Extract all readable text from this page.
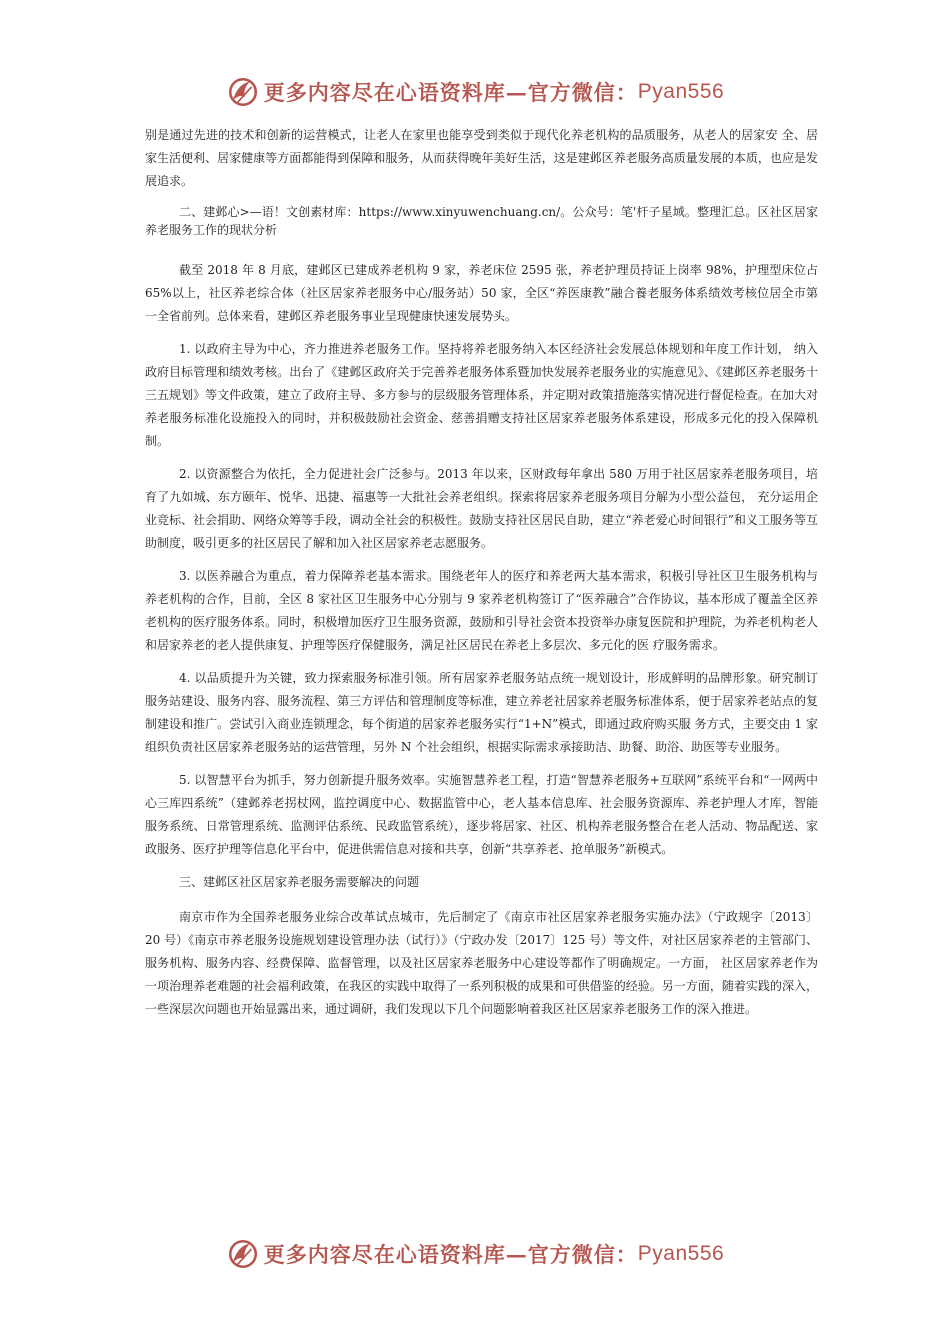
更多内容尽在心语资料库—官方微信： Pyan556

别是通过先进的技术和创新的运营模式，让老人在家里也能享受到类似于现代化养老机构的品质服务，从老人的居家安 全、居家生活便利、居家健康等方面都能得到保障和服务，从而获得晚年美好生活，这是建邺区养老服务高质量发展的本质，也应是发展追求。

二、建邺心>—语！文创素材库：https://www.xinyuwenchuang.cn/。公众号：笔'杆子星域。整理汇总。区社区居家养老服务工作的现状分析

截至 2018 年 8 月底，建邺区已建成养老机构 9 家，养老床位 2595 张，养老护理员持证上岗率 98%，护理型床位占 65%以上，社区养老综合体（社区居家养老服务中心/服务站）50 家，全区“养医康教”融合養老服务体系绩效考核位居全市第一全省前列。总体来看，建邺区养老服务事业呈现健康快速发展势头。

1. 以政府主导为中心，齐力推进养老服务工作。坚持将养老服务纳入本区经济社会发展总体规划和年度工作计划， 纳入政府目标管理和绩效考核。出台了《建邺区政府关于完善养老服务体系暨加快发展养老服务业的实施意见》、《建邺区养老服务十三五规划》等文件政策，建立了政府主导、多方参与的层级服务管理体系，并定期对政策措施落实情况进行督促检查。在加大对养老服务标准化设施投入的同时，并积极鼓励社会资金、慈善捐赠支持社区居家养老服务体系建设，形成多元化的投入保障机制。

2. 以资源整合为依托，全力促进社会广泛参与。2013 年以来，区财政每年拿出 580 万用于社区居家养老服务项目，培育了九如城、东方颐年、悦华、迅捷、福惠等一大批社会养老组织。探索将居家养老服务项目分解为小型公益包， 充分运用企业竞标、社会捐助、网络众筹等手段，调动全社会的积极性。鼓励支持社区居民自助，建立“养老爱心时间银行”和义工服务等互助制度，吸引更多的社区居民了解和加入社区居家养老志愿服务。

3. 以医养融合为重点，着力保障养老基本需求。围绕老年人的医疗和养老两大基本需求，积极引导社区卫生服务机构与养老机构的合作，目前，全区 8 家社区卫生服务中心分别与 9 家养老机构签订了“医养融合”合作协议，基本形成了覆盖全区养老机构的医疗服务体系。同时，积极增加医疗卫生服务资源，鼓励和引导社会资本投资举办康复医院和护理院，为养老机构老人和居家养老的老人提供康复、护理等医疗保健服务，满足社区居民在养老上多层次、多元化的医 疗服务需求。

4. 以品质提升为关键，致力探索服务标准引领。所有居家养老服务站点统一规划设计，形成鲜明的品牌形象。研究制订服务站建设、服务内容、服务流程、第三方评估和管理制度等标准，建立养老社居家养老服务标准体系，便于居家养老站点的复制建设和推广。尝试引入商业连锁理念，每个街道的居家养老服务实行“1+N”模式，即通过政府购买服 务方式，主要交由 1 家组织负责社区居家养老服务站的运营管理，另外 N 个社会组织，根据实际需求承接助洁、助餐、助浴、助医等专业服务。

5. 以智慧平台为抓手，努力创新提升服务效率。实施智慧养老工程，打造“智慧养老服务+互联网”系统平台和“一网两中心三库四系统”（建邺养老拐杖网，监控调度中心、数据监管中心，老人基本信息库、社会服务资源库、养老护理人才库，智能服务系统、日常管理系统、监测评估系统、民政监管系统），逐步将居家、社区、机构养老服务整合在老人活动、物品配送、家政服务、医疗护理等信息化平台中，促进供需信息对接和共享，创新“共享养老、抢单服务”新模式。

三、建邺区社区居家养老服务需要解决的问题

南京市作为全国养老服务业综合改革试点城市，先后制定了《南京市社区居家养老服务实施办法》（宁政规字〔2013〕20 号）《南京市养老服务设施规划建设管理办法（试行）》（宁政办发〔2017〕125 号）等文件，对社区居家养老的主管部门、服务机构、服务内容、经费保障、监督管理，以及社区居家养老服务中心建设等都作了明确规定。一方面， 社区居家养老作为一项治理养老难题的社会福利政策，在我区的实践中取得了一系列积极的成果和可供借鉴的经验。另一方面，随着实践的深入，一些深层次问题也开始显露出来，通过调研，我们发现以下几个问题影响着我区社区居家养老服务工作的深入推进。

更多内容尽在心语资料库—官方微信： Pyan556
